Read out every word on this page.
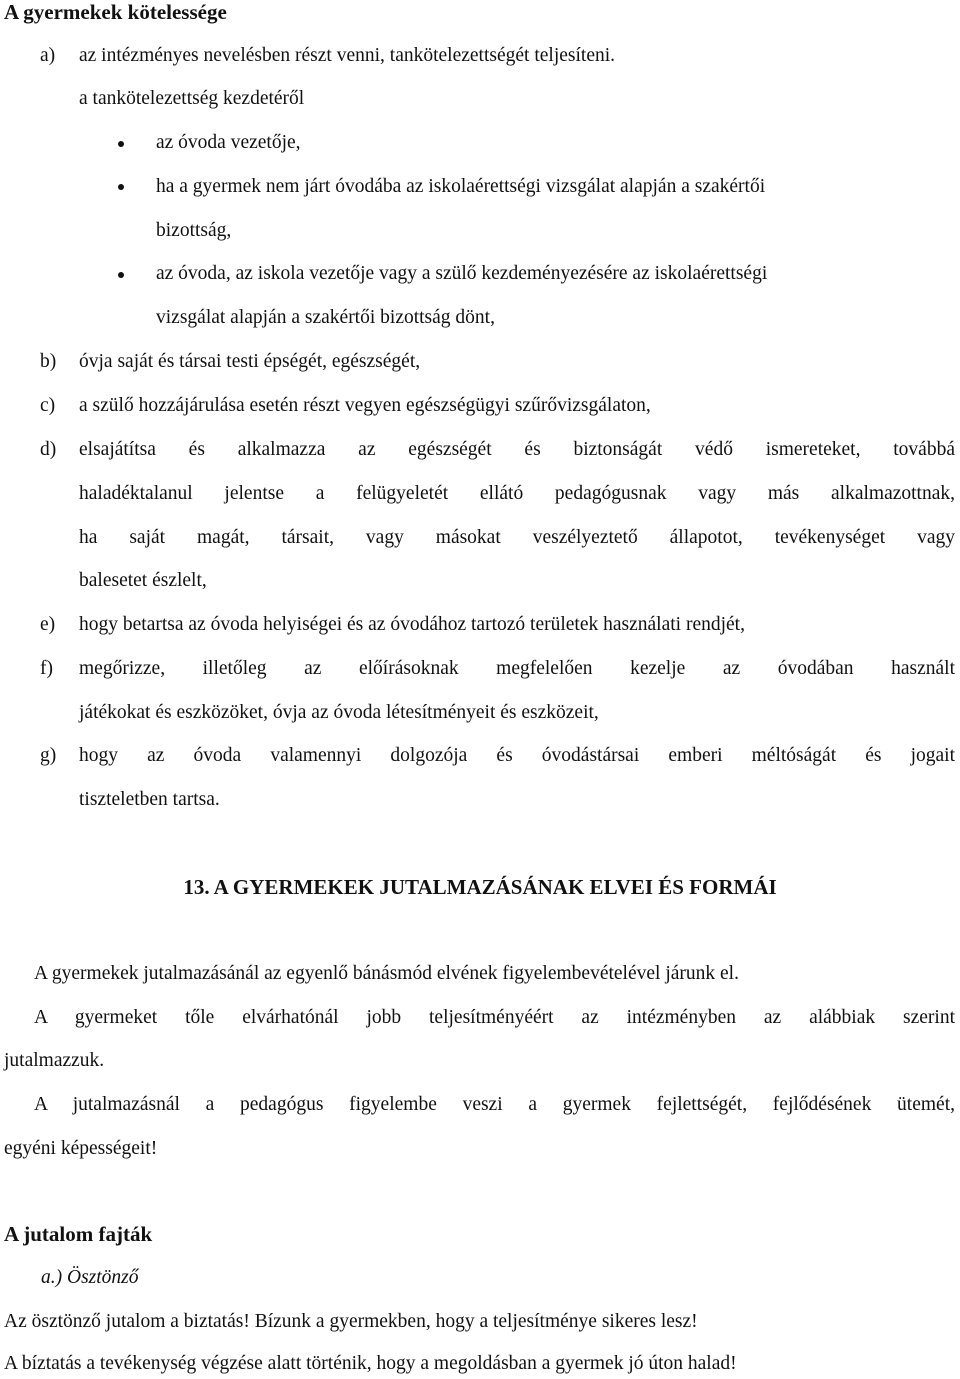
A gyermekek kötelessége
a) az intézményes nevelésben részt venni, tankötelezettségét teljesíteni.
a tankötelezettség kezdetéről
az óvoda vezetője,
ha a gyermek nem járt óvodába az iskolaérettségi vizsgálat alapján a szakértői
bizottság,
az óvoda, az iskola vezetője vagy a szülő kezdeményezésére az iskolaérettségi
vizsgálat alapján a szakértői bizottság dönt,
b) óvja saját és társai testi épségét, egészségét,
c) a szülő hozzájárulása esetén részt vegyen egészségügyi szűrővizsgálaton,
d) elsajátítsa és alkalmazza az egészségét és biztonságát védő ismereteket, továbbá
haladéktalanul jelentse a felügyeletét ellátó pedagógusnak vagy más alkalmazottnak,
ha saját magát, társait, vagy másokat veszélyeztető állapotot, tevékenységet vagy
balesetet észlelt,
e) hogy betartsa az óvoda helyiségei és az óvodához tartozó területek használati rendjét,
f) megőrizze, illetőleg az előírásoknak megfelelően kezelje az óvodában használt
játékokat és eszközöket, óvja az óvoda létesítményeit és eszközeit,
g) hogy az óvoda valamennyi dolgozója és óvodástársai emberi méltóságát és jogait
tiszteletben tartsa.
13. A GYERMEKEK JUTALMAZÁSÁNAK ELVEI ÉS FORMÁI
A gyermekek jutalmazásánál az egyenlő bánásmód elvének figyelembevételével járunk el.
A gyermeket tőle elvárhatónál jobb teljesítményéért az intézményben az alábbiak szerint
jutalmazzuk.
A jutalmazásnál a pedagógus figyelembe veszi a gyermek fejlettségét, fejlődésének ütemét,
egyéni képességeit!
A jutalom fajták
a.) Ösztönző
Az ösztönző jutalom a biztatás! Bízunk a gyermekben, hogy a teljesítménye sikeres lesz!
A bíztatás a tevékenység végzése alatt történik, hogy a megoldásban a gyermek jó úton halad!
